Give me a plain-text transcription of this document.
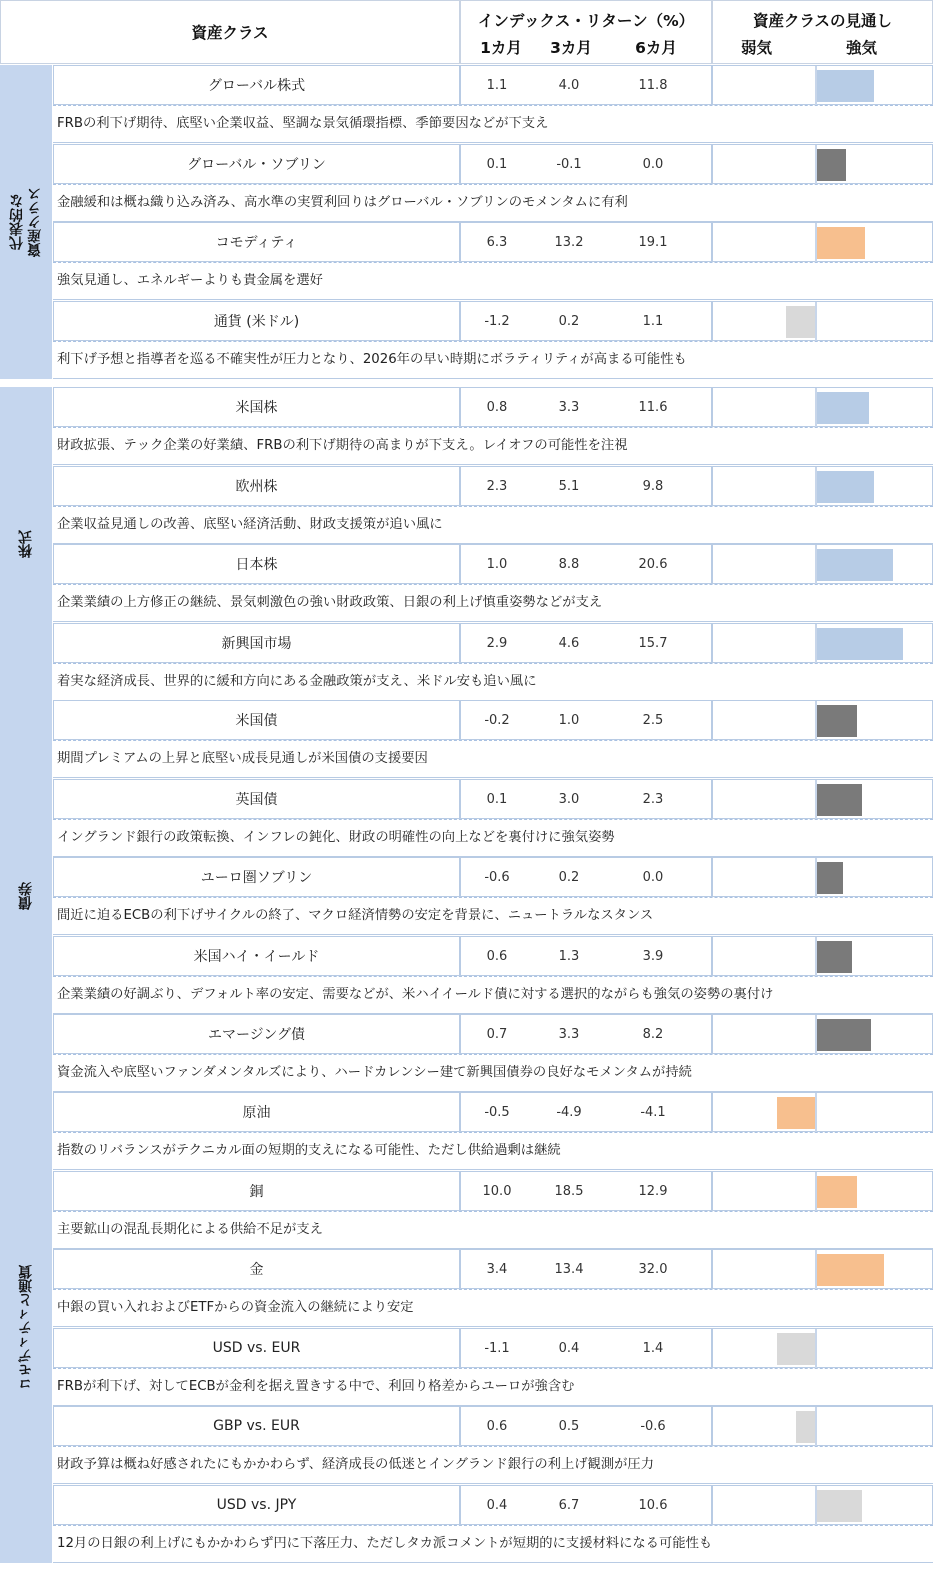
資産クラス
インデックス・リターン（%）
1カ月	3カ月	6カ月
資産クラスの見通し
弱気	強気
代表的な
資産クラス
グローバル株式	1.1	4.0	11.8
FRBの利下げ期待、底堅い企業収益、堅調な景気循環指標、季節要因などが下支え
グローバル・ソブリン	0.1	-0.1	0.0
金融緩和は概ね織り込み済み、高水準の実質利回りはグローバル・ソブリンのモメンタムに有利
コモディティ	6.3	13.2	19.1
強気見通し、エネルギーよりも貴金属を選好
通貨 (米ドル)	-1.2	0.2	1.1
利下げ予想と指導者を巡る不確実性が圧力となり、2026年の早い時期にボラティリティが高まる可能性も
株式
米国株	0.8	3.3	11.6
財政拡張、テック企業の好業績、FRBの利下げ期待の高まりが下支え。レイオフの可能性を注視
欧州株	2.3	5.1	9.8
企業収益見通しの改善、底堅い経済活動、財政支援策が追い風に
日本株	1.0	8.8	20.6
企業業績の上方修正の継続、景気刺激色の強い財政政策、日銀の利上げ慎重姿勢などが支え
新興国市場	2.9	4.6	15.7
着実な経済成長、世界的に緩和方向にある金融政策が支え、米ドル安も追い風に
債券
米国債	-0.2	1.0	2.5
期間プレミアムの上昇と底堅い成長見通しが米国債の支援要因
英国債	0.1	3.0	2.3
イングランド銀行の政策転換、インフレの鈍化、財政の明確性の向上などを裏付けに強気姿勢
ユーロ圏ソブリン	-0.6	0.2	0.0
間近に迫るECBの利下げサイクルの終了、マクロ経済情勢の安定を背景に、ニュートラルなスタンス
米国ハイ・イールド	0.6	1.3	3.9
企業業績の好調ぶり、デフォルト率の安定、需要などが、米ハイイールド債に対する選択的ながらも強気の姿勢の裏付け
エマージング債	0.7	3.3	8.2
資金流入や底堅いファンダメンタルズにより、ハードカレンシー建て新興国債券の良好なモメンタムが持続
コモディティと通貨
原油	-0.5	-4.9	-4.1
指数のリバランスがテクニカル面の短期的支えになる可能性、ただし供給過剰は継続
銅	10.0	18.5	12.9
主要鉱山の混乱長期化による供給不足が支え
金	3.4	13.4	32.0
中銀の買い入れおよびETFからの資金流入の継続により安定
USD vs. EUR	-1.1	0.4	1.4
FRBが利下げ、対してECBが金利を据え置きする中で、利回り格差からユーロが強含む
GBP vs. EUR	0.6	0.5	-0.6
財政予算は概ね好感されたにもかかわらず、経済成長の低迷とイングランド銀行の利上げ観測が圧力
USD vs. JPY	0.4	6.7	10.6
12月の日銀の利上げにもかかわらず円に下落圧力、ただしタカ派コメントが短期的に支援材料になる可能性も
